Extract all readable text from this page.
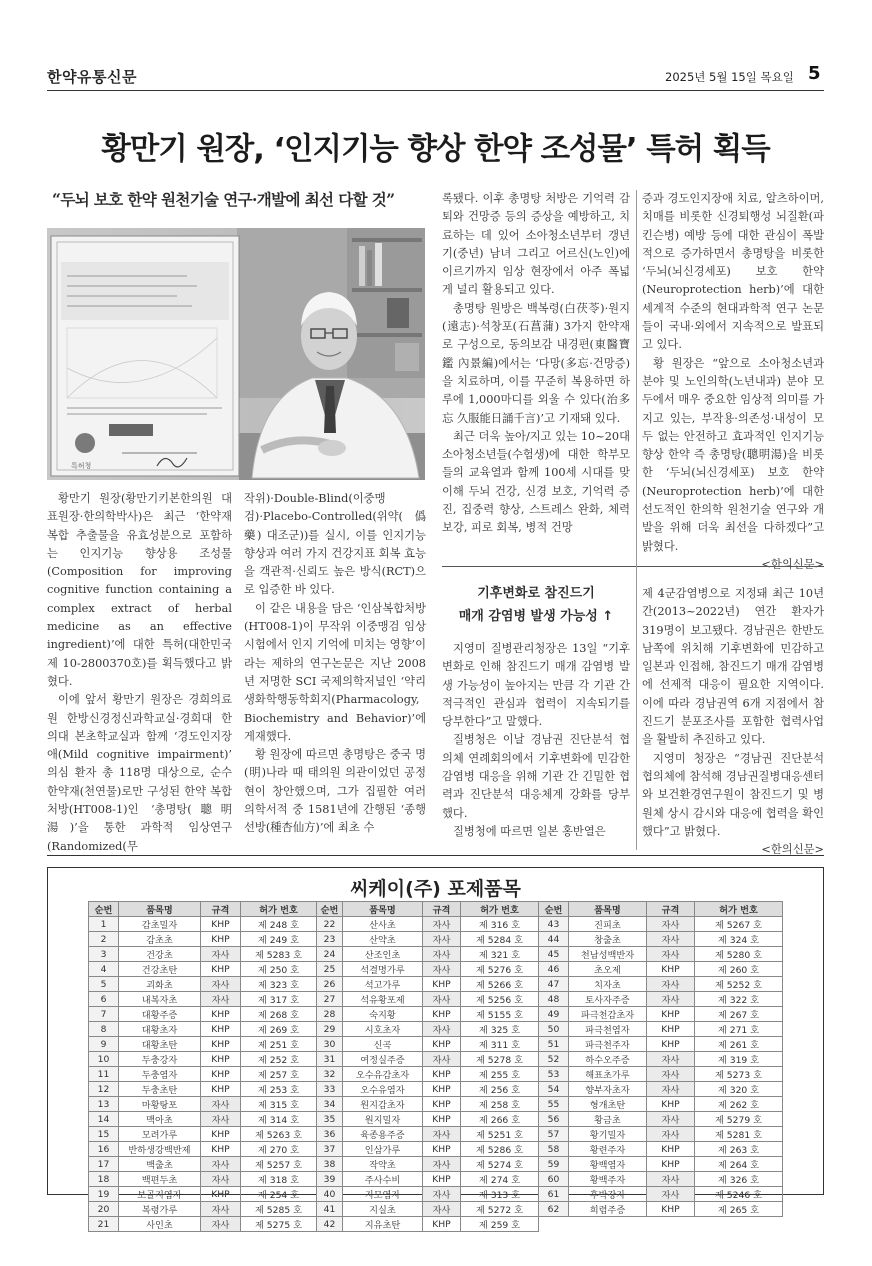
한약유통신문	2025년 5월 15일 목요일 5
황만기 원장, ‘인지기능 향상 한약 조성물’ 특허 획득
“두뇌 보호 한약 원천기술 연구·개발에 최선 다할 것”
특허청

황만기 원장(황만기키본한의원 대표원장·한의학박사)은 최근 ‘한약재 복합 추출물을 유효성분으로 포함하는 인지기능 향상용 조성물(Composition for improving cognitive function containing a complex extract of herbal medicine as an effective ingredient)’에 대한 특허(대한민국 제 10-2800370호)를 획득했다고 밝혔다.

이에 앞서 황만기 원장은 경희의료원 한방신경정신과학교실·경희대 한의대 본초학교실과 함께 ‘경도인지장애(Mild cognitive impairment)’ 의심 환자 총 118명 대상으로, 순수 한약재(천연물)로만 구성된 한약 복합처방(HT008-1)인 ‘총명탕(聰明湯)’을 통한 과학적 임상연구(Randomized(무

작위)·Double-Blind(이중맹검)·Placebo-Controlled(위약(僞藥) 대조군))를 실시, 이를 인지기능 향상과 여러 가지 건강지표 회복 효능을 객관적·신뢰도 높은 방식(RCT)으로 입증한 바 있다.

이 같은 내용을 담은 ‘인삼복합처방(HT008-1)이 무작위 이중맹검 임상시험에서 인지 기억에 미치는 영향’이라는 제하의 연구논문은 지난 2008년 저명한 SCI 국제의학저널인 ‘약리생화학행동학회지(Pharmacology, Biochemistry and Behavior)’에 게재했다.

황 원장에 따르면 총명탕은 중국 명(明)나라 때 태의원 의관이었던 공정현이 창안했으며, 그가 집필한 여러 의학서적 중 1581년에 간행된 ‘종행선방(種杏仙方)’에 최초 수

록됐다. 이후 총명탕 처방은 기억력 감퇴와 건망증 등의 증상을 예방하고, 치료하는 데 있어 소아청소년부터 갱년기(중년) 남녀 그리고 어르신(노인)에 이르기까지 임상 현장에서 아주 폭넓게 널리 활용되고 있다.

총명탕 원방은 백복령(白茯苓)·원지(遠志)·석창포(石菖蒲) 3가지 한약재로 구성으로, 동의보감 내경편(東醫寶鑑 內景編)에서는 ‘다망(多忘·건망증)을 치료하며, 이를 꾸준히 복용하면 하루에 1,000마디를 외울 수 있다(治多忘 久服能日誦千言)’고 기재돼 있다.

최근 더욱 높아/지고 있는 10~20대 소아청소년들(수험생)에 대한 학부모들의 교육열과 함께 100세 시대를 맞이해 두뇌 건강, 신경 보호, 기억력 증진, 집중력 향상, 스트레스 완화, 체력 보강, 피로 회복, 병적 건망

증과 경도인지장애 치료, 알츠하이머, 치매를 비롯한 신경퇴행성 뇌질환(파킨슨병) 예방 등에 대한 관심이 폭발적으로 증가하면서 총명탕을 비롯한 ‘두뇌(뇌신경세포) 보호 한약(Neuroprotection herb)’에 대한 세계적 수준의 현대과학적 연구 논문들이 국내·외에서 지속적으로 발표되고 있다.

황 원장은 “앞으로 소아청소년과 분야 및 노인의학(노년내과) 분야 모두에서 매우 중요한 임상적 의미를 가지고 있는, 부작용·의존성·내성이 모두 없는 안전하고 효과적인 인지기능 향상 한약 즉 총명탕(聰明湯)을 비롯한 ‘두뇌(뇌신경세포) 보호 한약(Neuroprotection herb)’에 대한 선도적인 한의학 원천기술 연구와 개발을 위해 더욱 최선을 다하겠다”고 밝혔다.

<한의신문>

기후변화로 참진드기
매개 감염병 발생 가능성 ↑

지영미 질병관리청장은 13일 “기후변화로 인해 참진드기 매개 감염병 발생 가능성이 높아지는 만큼 각 기관 간 적극적인 관심과 협력이 지속되기를 당부한다”고 말했다.

질병청은 이날 경남권 진단분석 협의체 연례회의에서 기후변화에 민감한 감염병 대응을 위해 기관 간 긴밀한 협력과 진단분석 대응체계 강화를 당부했다.

질병청에 따르면 일본 홍반열은

제 4군감염병으로 지정돼 최근 10년간(2013~2022년) 연간 환자가 319명이 보고됐다. 경남권은 한반도 남쪽에 위치해 기후변화에 민감하고 일본과 인접해, 참진드기 매개 감염병에 선제적 대응이 필요한 지역이다. 이에 따라 경남권역 6개 지점에서 참진드기 분포조사를 포함한 협력사업을 활발히 추진하고 있다.

지영미 청장은 “경남권 진단분석 협의체에 참석해 경남권질병대응센터와 보건환경연구원이 참진드기 및 병원체 상시 감시와 대응에 협력을 확인했다”고 밝혔다.

<한의신문>

씨케이(주) 포제품목
순번	품목명	규격	허가 번호
1	감초밀자	KHP	제 248 호
2	감초초	KHP	제 249 호
3	건강초	자사	제 5283 호
4	건강초탄	KHP	제 250 호
5	괴화초	자사	제 323 호
6	내복자초	자사	제 317 호
7	대황주증	KHP	제 268 호
8	대황초자	KHP	제 269 호
9	대황초탄	KHP	제 251 호
10	두충강자	KHP	제 252 호
11	두충염자	KHP	제 257 호
12	두충초탄	KHP	제 253 호
13	마황탕포	자사	제 315 호
14	맥아초	자사	제 314 호
15	모려가루	KHP	제 5263 호
16	반하생강백반제	KHP	제 270 호
17	백출초	자사	제 5257 호
18	백편두초	자사	제 318 호
19	보골지염자	KHP	제 254 호
20	복령가루	자사	제 5285 호
21	사인초	자사	제 5275 호
순번	품목명	규격	허가 번호
22	산사초	자사	제 316 호
23	산약초	자사	제 5284 호
24	산조인초	자사	제 321 호
25	석결명가루	자사	제 5276 호
26	석고가루	KHP	제 5266 호
27	석유황포제	자사	제 5256 호
28	숙지황	KHP	제 5155 호
29	시호초자	자사	제 325 호
30	신곡	KHP	제 311 호
31	여정실주증	자사	제 5278 호
32	오수유감초자	KHP	제 255 호
33	오수유염자	KHP	제 256 호
34	원지감초자	KHP	제 258 호
35	원지밀자	KHP	제 266 호
36	육종용주증	자사	제 5251 호
37	인삼가루	KHP	제 5286 호
38	작약초	자사	제 5274 호
39	주사수비	KHP	제 274 호
40	지모염자	자사	제 313 호
41	지실초	자사	제 5272 호
42	지유초탄	KHP	제 259 호
순번	품목명	규격	허가 번호
43	진피초	자사	제 5267 호
44	창출초	자사	제 324 호
45	천남성백반자	자사	제 5280 호
46	초오제	KHP	제 260 호
47	치자초	자사	제 5252 호
48	토사자주증	자사	제 322 호
49	파극천감초자	KHP	제 267 호
50	파극천염자	KHP	제 271 호
51	파극천주자	KHP	제 261 호
52	하수오주증	자사	제 319 호
53	해표초가루	자사	제 5273 호
54	향부자초자	자사	제 320 호
55	형개초탄	KHP	제 262 호
56	황금초	자사	제 5279 호
57	황기밀자	자사	제 5281 호
58	황련주자	KHP	제 263 호
59	황백염자	KHP	제 264 호
60	황백주자	자사	제 326 호
61	후박강자	자사	제 5246 호
62	희렴주증	KHP	제 265 호
